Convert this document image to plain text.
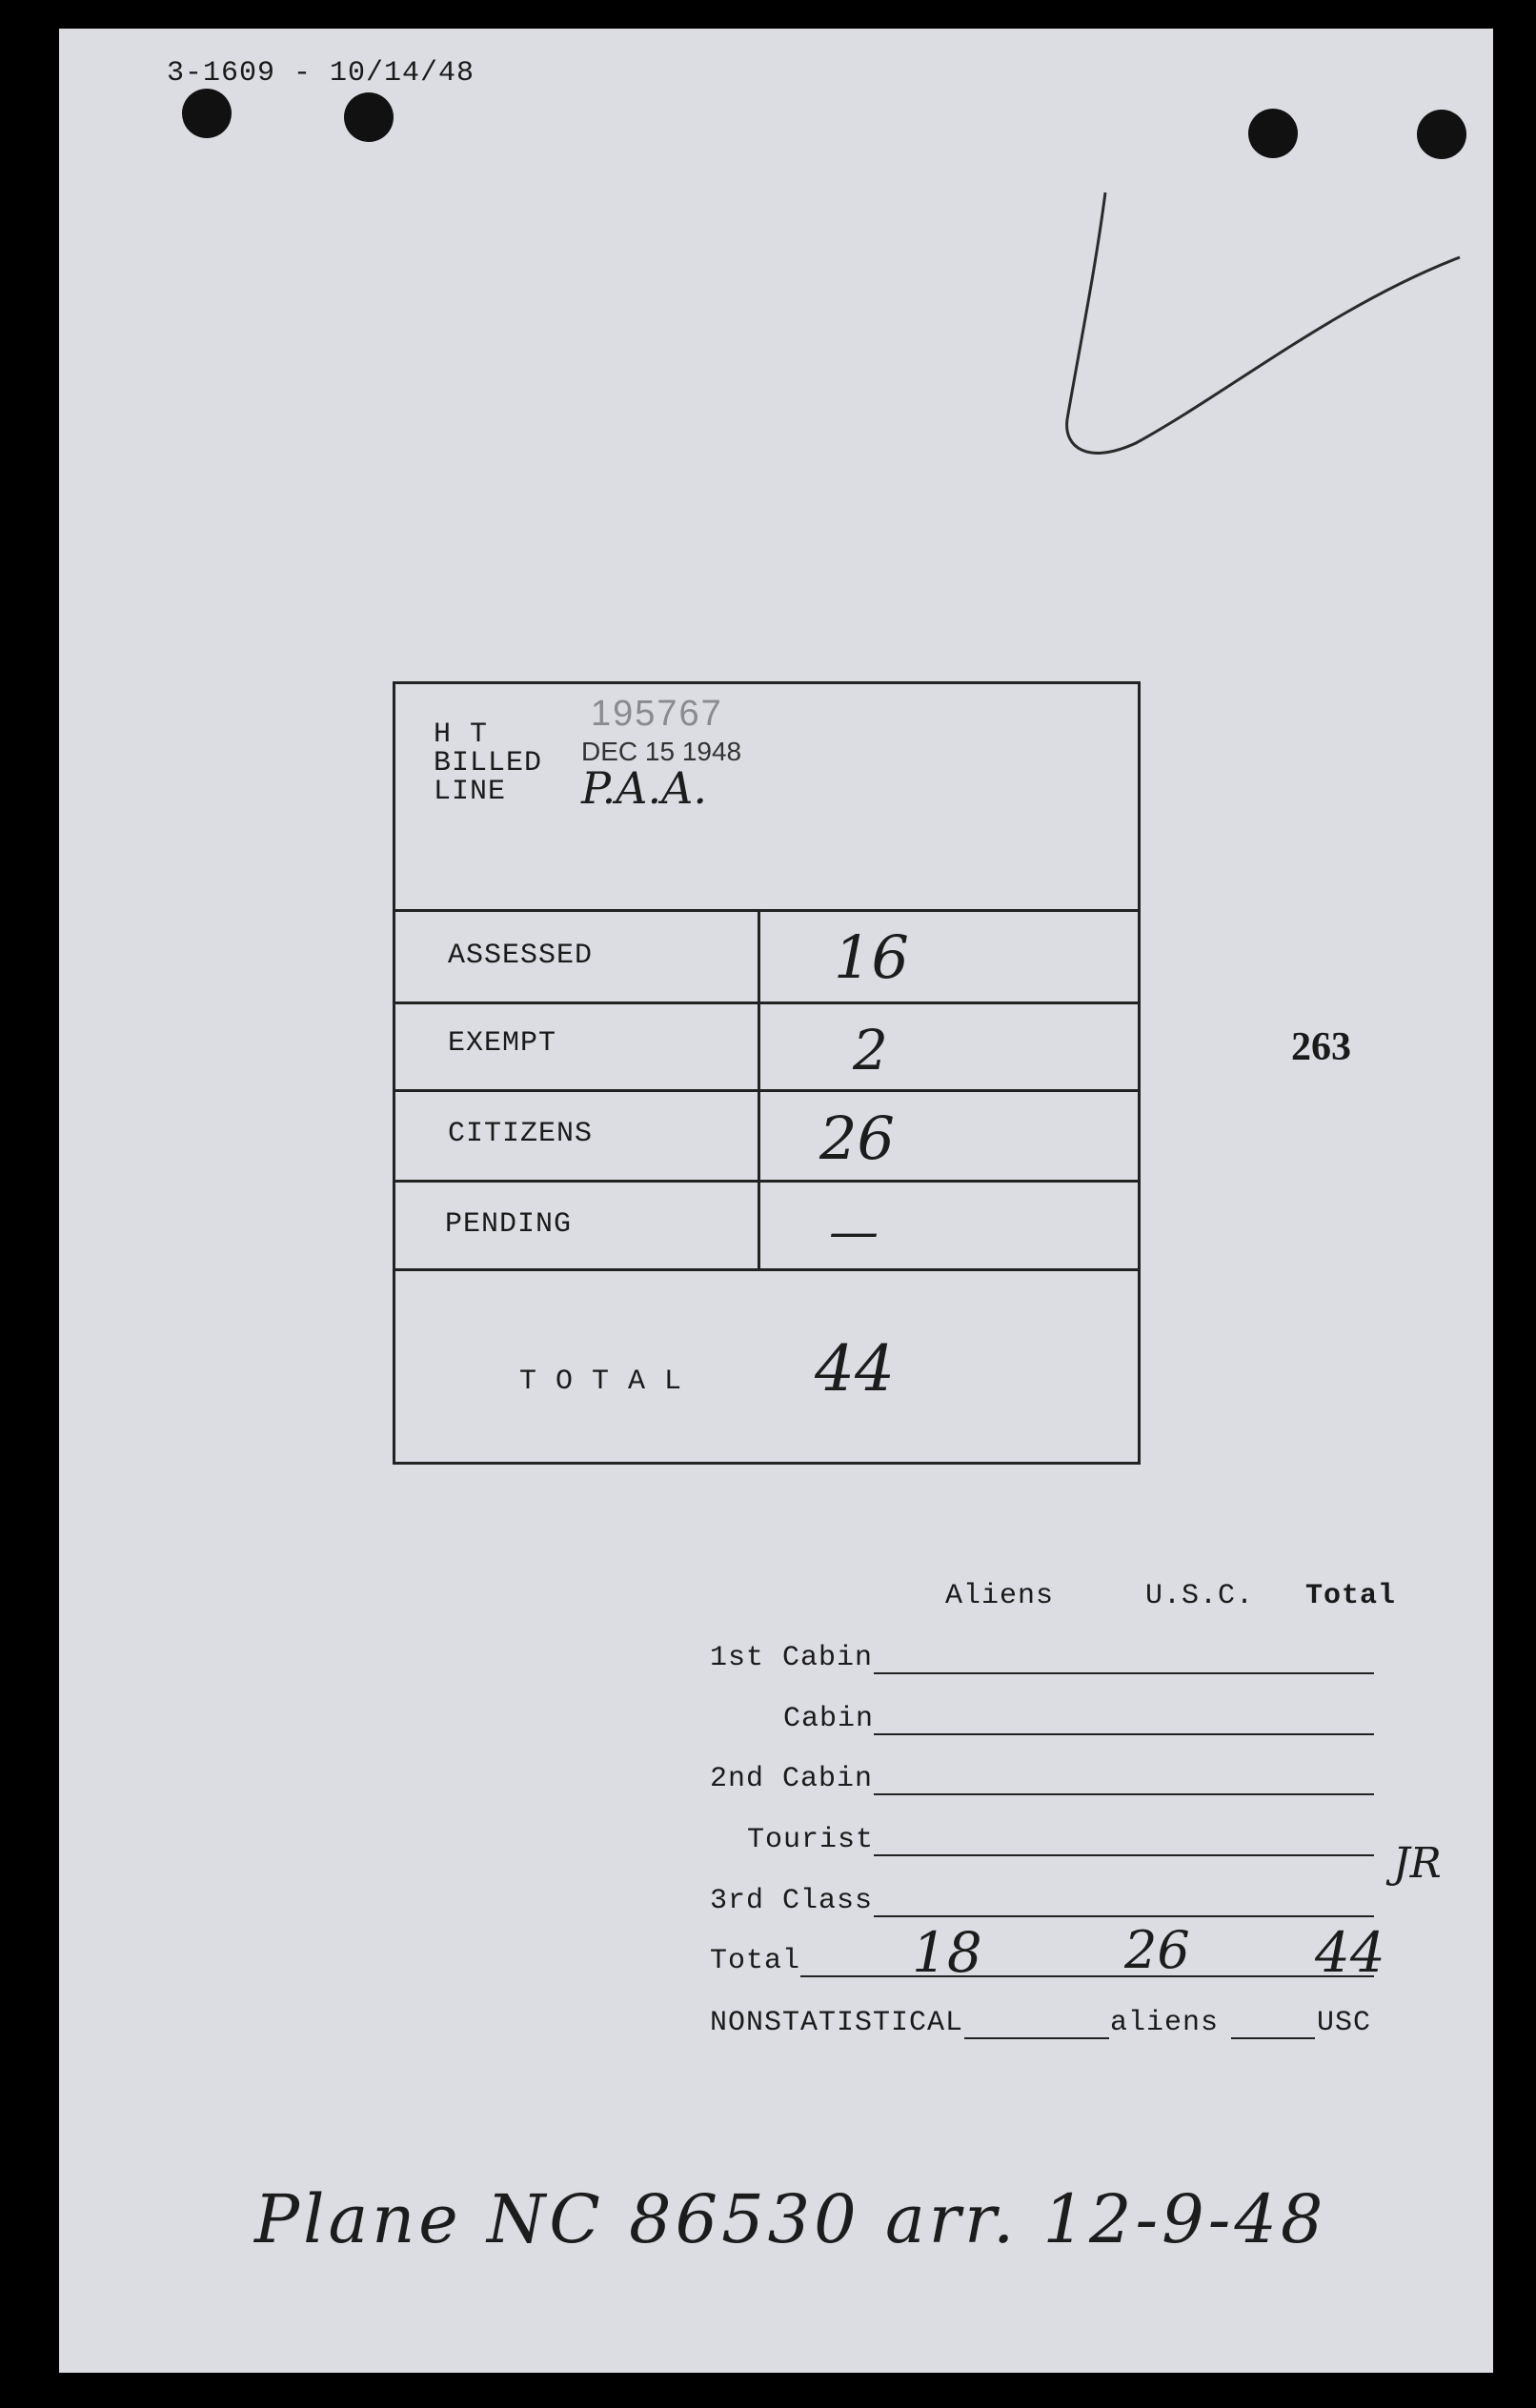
3-1609 - 10/14/48
H T
BILLED
LINE
195767
DEC 15 1948
P.A.A.
ASSESSED	16
EXEMPT	2
CITIZENS	26
PENDING	—
T O T A L 44
263
Aliens	U.S.C. Total
1st Cabin
Cabin
2nd Cabin
Tourist
3rd Class
Total 18	26 44
JR
NONSTATISTICAL	aliens	USC
Plane NC 86530 arr. 12-9-48
